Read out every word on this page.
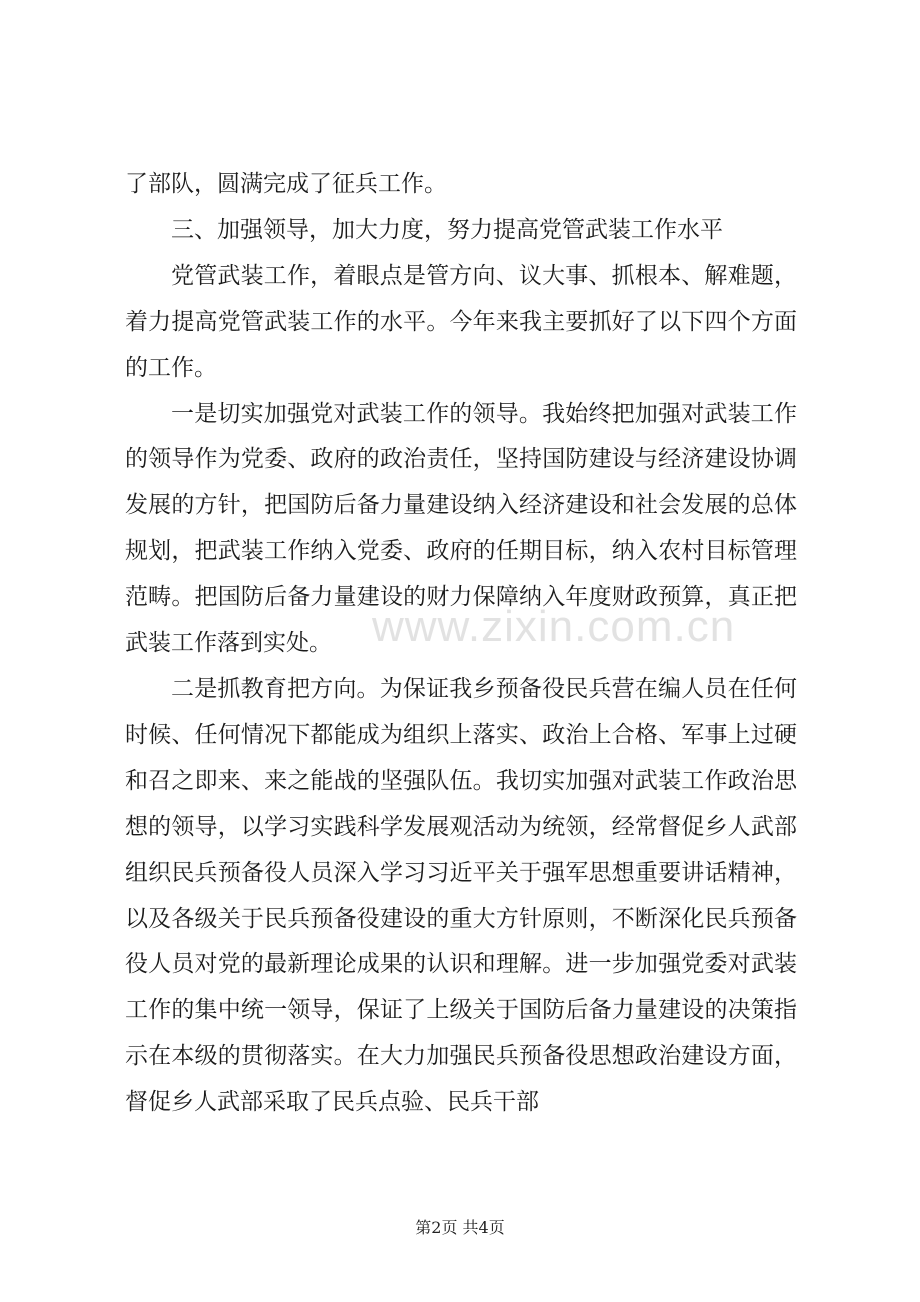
了部队，圆满完成了征兵工作。

三、加强领导，加大力度，努力提高党管武装工作水平

党管武装工作，着眼点是管方向、议大事、抓根本、解难题，着力提高党管武装工作的水平。今年来我主要抓好了以下四个方面的工作。

一是切实加强党对武装工作的领导。我始终把加强对武装工作的领导作为党委、政府的政治责任，坚持国防建设与经济建设协调发展的方针，把国防后备力量建设纳入经济建设和社会发展的总体规划，把武装工作纳入党委、政府的任期目标，纳入农村目标管理范畴。把国防后备力量建设的财力保障纳入年度财政预算，真正把武装工作落到实处。

二是抓教育把方向。为保证我乡预备役民兵营在编人员在任何时候、任何情况下都能成为组织上落实、政治上合格、军事上过硬和召之即来、来之能战的坚强队伍。我切实加强对武装工作政治思想的领导，以学习实践科学发展观活动为统领，经常督促乡人武部组织民兵预备役人员深入学习习近平关于强军思想重要讲话精神，以及各级关于民兵预备役建设的重大方针原则，不断深化民兵预备役人员对党的最新理论成果的认识和理解。进一步加强党委对武装工作的集中统一领导，保证了上级关于国防后备力量建设的决策指示在本级的贯彻落实。在大力加强民兵预备役思想政治建设方面，督促乡人武部采取了民兵点验、民兵干部

www.zixin.com.cn
第2页 共4页
